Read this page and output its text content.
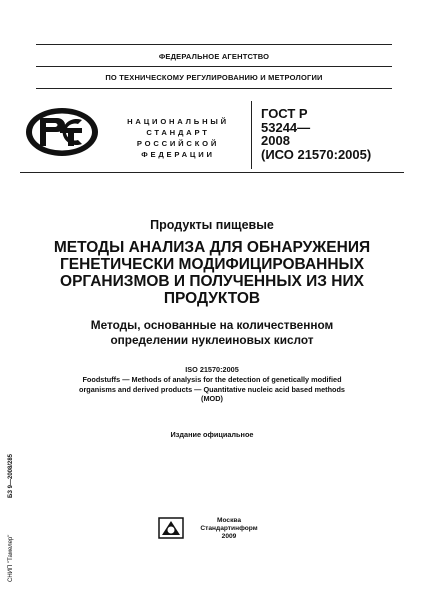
ФЕДЕРАЛЬНОЕ АГЕНТСТВО
ПО ТЕХНИЧЕСКОМУ РЕГУЛИРОВАНИЮ И МЕТРОЛОГИИ
НАЦИОНАЛЬНЫЙ
СТАНДАРТ
РОССИЙСКОЙ
ФЕДЕРАЦИИ
ГОСТ Р
53244—
2008
(ИСО 21570:2005)
Продукты пищевые
МЕТОДЫ АНАЛИЗА ДЛЯ ОБНАРУЖЕНИЯ
ГЕНЕТИЧЕСКИ МОДИФИЦИРОВАННЫХ
ОРГАНИЗМОВ И ПОЛУЧЕННЫХ ИЗ НИХ
ПРОДУКТОВ
Методы, основанные на количественном
определении нуклеиновых кислот
ISO 21570:2005
Foodstuffs — Methods of analysis for the detection of genetically modified
organisms and derived products — Quantitative nucleic acid based methods
(MOD)
Издание официальное
БЗ 9—2008/285
СНИП "Тамелер"
Москва
Стандартинформ
2009
